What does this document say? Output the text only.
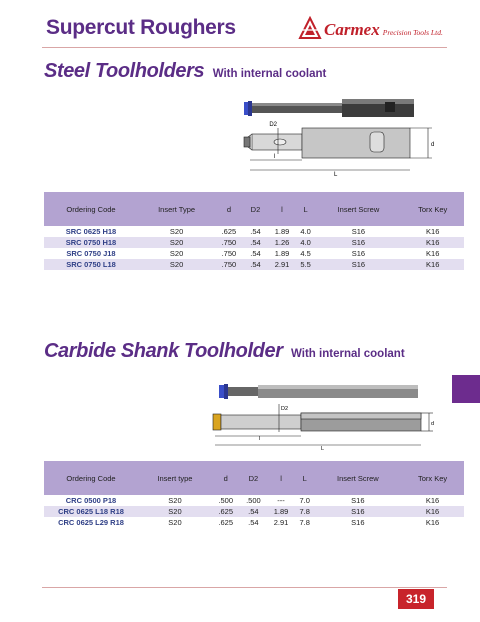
Supercut Roughers	Carmex Precision Tools Ltd.
Steel Toolholders With internal coolant
D2
d
l
L
Ordering Code	Insert Type	d	D2	l	L	Insert Screw	Torx Key
SRC 0625 H18	S20	.625	.54	1.89	4.0	S16	K16
SRC 0750 H18	S20	.750	.54	1.26	4.0	S16	K16
SRC 0750 J18	S20	.750	.54	1.89	4.5	S16	K16
SRC 0750 L18	S20	.750	.54	2.91	5.5	S16	K16
Carbide Shank Toolholder With internal coolant
D2
d
l
L
Ordering Code	Insert type	d	D2	l	L	Insert Screw	Torx Key
CRC 0500 P18	S20	.500	.500	---	7.0	S16	K16
CRC 0625 L18 R18	S20	.625	.54	1.89	7.8	S16	K16
CRC 0625 L29 R18	S20	.625	.54	2.91	7.8	S16	K16
319
